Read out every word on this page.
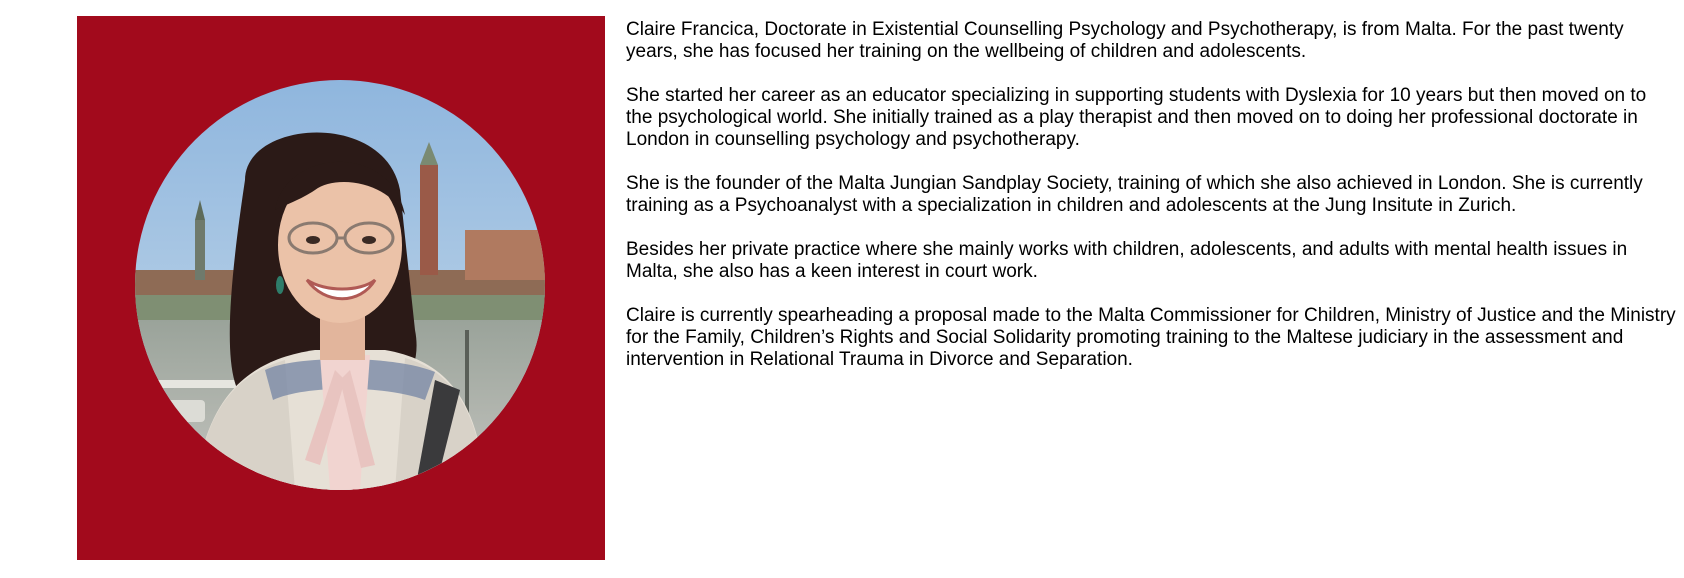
Claire Francica, Doctorate in Existential Counselling Psychology and Psychotherapy, is from Malta. For the past twenty years, she has focused her training on the wellbeing of children and adolescents.

She started her career as an educator specializing in supporting students with Dyslexia for 10 years but then moved on to the psychological world. She initially trained as a play therapist and then moved on to doing her professional doctorate in London in counselling psychology and psychotherapy.

She is the founder of the Malta Jungian Sandplay Society, training of which she also achieved in London. She is currently training as a Psychoanalyst with a specialization in children and adolescents at the Jung Insitute in Zurich.

Besides her private practice where she mainly works with children, adolescents, and adults with mental health issues in Malta, she also has a keen interest in court work.

Claire is currently spearheading a proposal made to the Malta Commissioner for Children, Ministry of Justice and the Ministry for the Family, Children’s Rights and Social Solidarity promoting training to the Maltese judiciary in the assessment and intervention in Relational Trauma in Divorce and Separation.
